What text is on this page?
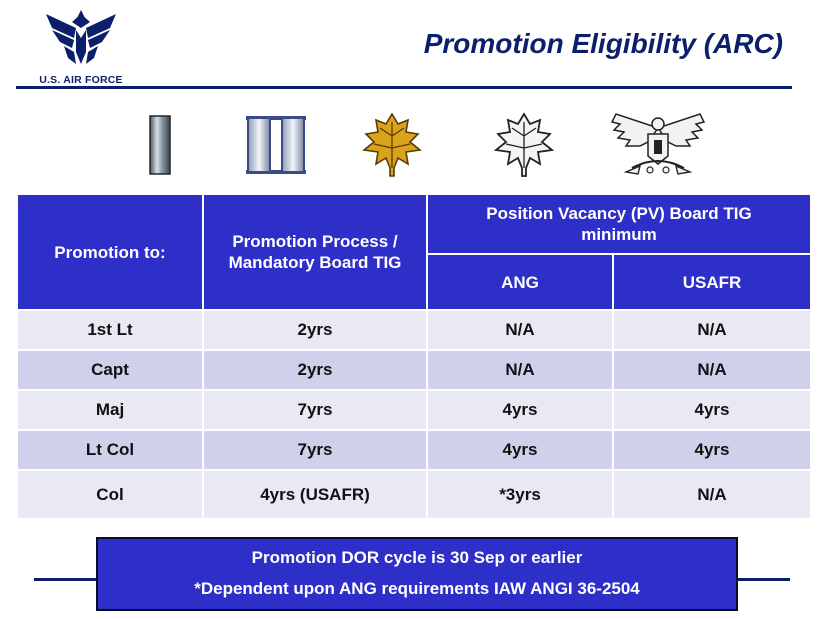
U.S. AIR FORCE
Promotion Eligibility (ARC)
Promotion to:	Promotion Process / Mandatory Board TIG	Position Vacancy (PV) Board TIG minimum	
		ANG	USAFR
1st Lt	2yrs	N/A	N/A
Capt	2yrs	N/A	N/A
Maj	7yrs	4yrs	4yrs
Lt Col	7yrs	4yrs	4yrs
Col	4yrs (USAFR)	*3yrs	N/A
Promotion DOR cycle is 30 Sep or earlier
*Dependent upon ANG requirements IAW ANGI 36-2504
